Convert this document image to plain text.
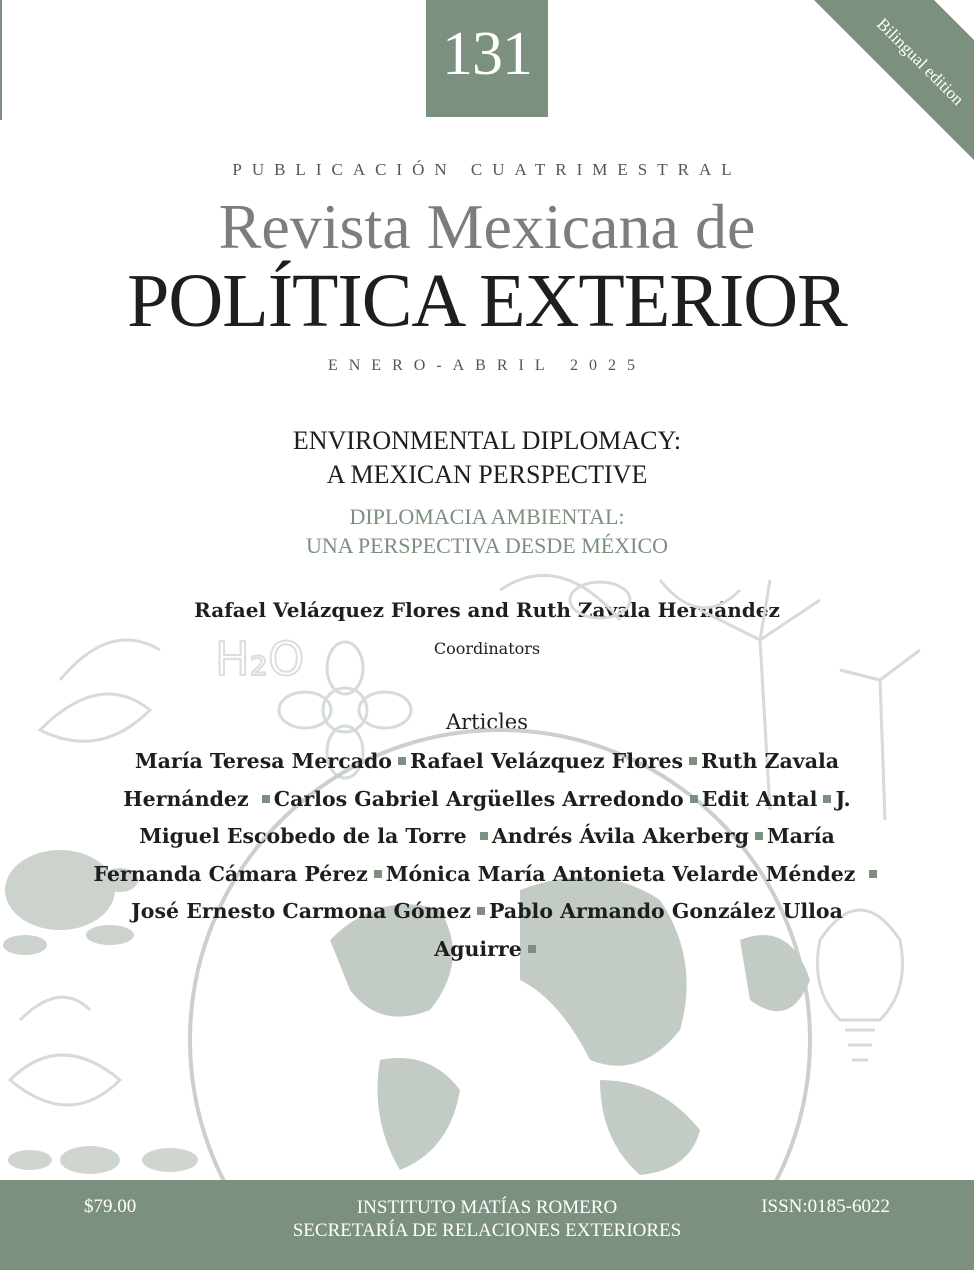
131	Bilingual edition
PUBLICACIÓN CUATRIMESTRAL
Revista Mexicana de
POLÍTICA EXTERIOR
ENERO-ABRIL 2025
ENVIRONMENTAL DIPLOMACY:
A MEXICAN PERSPECTIVE
DIPLOMACIA AMBIENTAL:
UNA PERSPECTIVA DESDE MÉXICO
H₂O
Rafael Velázquez Flores and Ruth Zavala Hernández
Coordinators
Articles
María Teresa Mercado Rafael Velázquez Flores Ruth Zavala Hernández Carlos Gabriel Argüelles Arredondo Edit Antal J. Miguel Escobedo de la Torre Andrés Ávila Akerberg María Fernanda Cámara Pérez Mónica María Antonieta Velarde Méndez José Ernesto Carmona Gómez Pablo Armando González Ulloa Aguirre
$79.00	INSTITUTO MATÍAS ROMERO
SECRETARÍA DE RELACIONES EXTERIORES
ISSN:0185-6022
